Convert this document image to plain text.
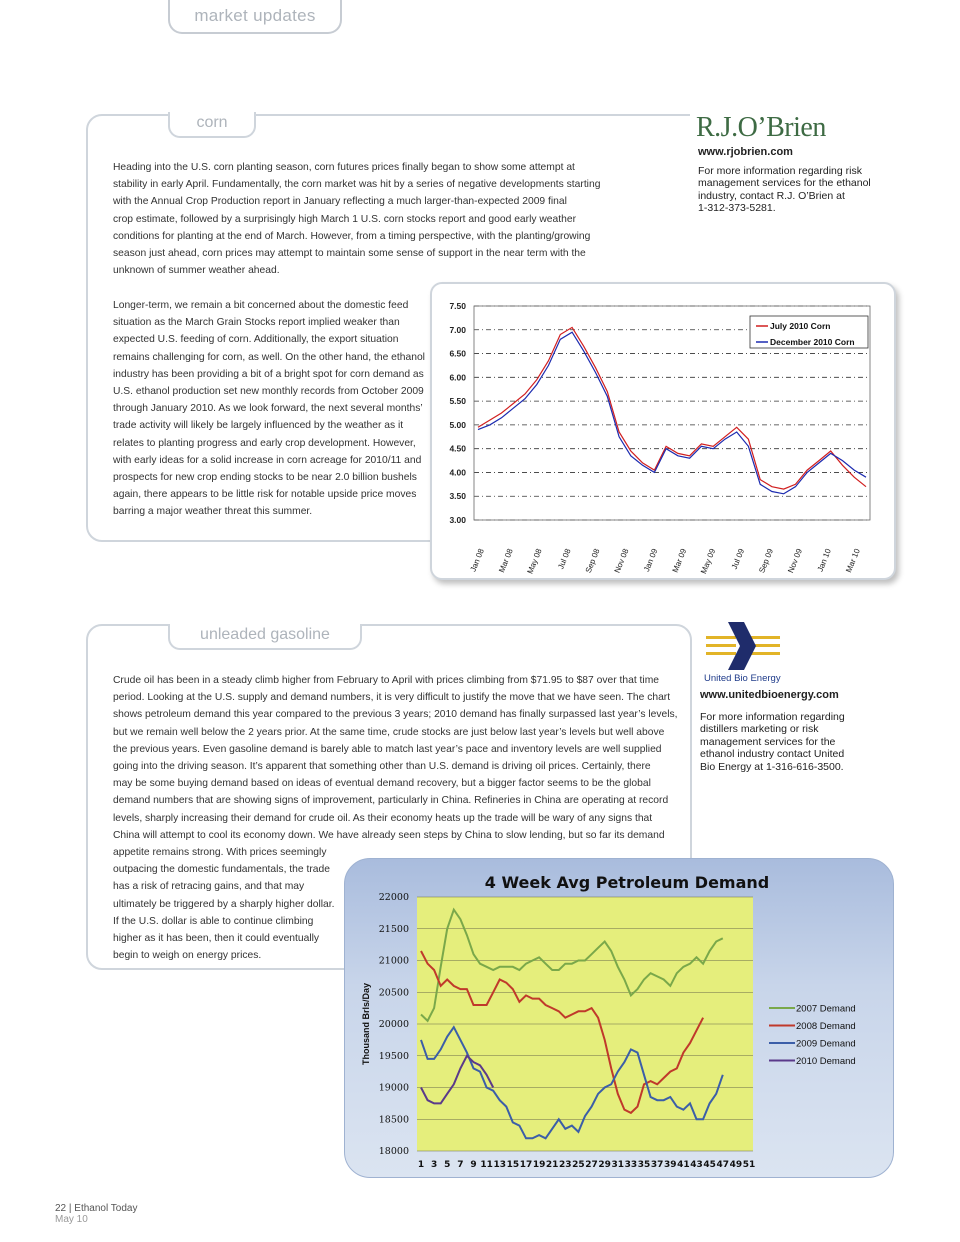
market updates
corn
Heading into the U.S. corn planting season, corn futures prices finally began to show some attempt at
stability in early April. Fundamentally, the corn market was hit by a series of negative developments starting
with the Annual Crop Production report in January reflecting a much larger-than-expected 2009 final
crop estimate, followed by a surprisingly high March 1 U.S. corn stocks report and good early weather
conditions for planting at the end of March. However, from a timing perspective, with the planting/growing
season just ahead, corn prices may attempt to maintain some sense of support in the near term with the
unknown of summer weather ahead.
Longer-term, we remain a bit concerned about the domestic feed
situation as the March Grain Stocks report implied weaker than
expected U.S. feeding of corn. Additionally, the export situation
remains challenging for corn, as well. On the other hand, the ethanol
industry has been providing a bit of a bright spot for corn demand as
U.S. ethanol production set new monthly records from October 2009
through January 2010. As we look forward, the next several months’
trade activity will likely be largely influenced by the weather as it
relates to planting progress and early crop development. However,
with early ideas for a solid increase in corn acreage for 2010/11 and
prospects for new crop ending stocks to be near 2.0 billion bushels
again, there appears to be little risk for notable upside price moves
barring a major weather threat this summer.
R.J.O’Brien
www.rjobrien.com
For more information regarding risk
management services for the ethanol
industry, contact R.J. O’Brien at
1-312-373-5281.
7.50
7.00
6.50
6.00
5.50
5.00
4.50
4.00
3.50
3.00
Jan 08 Mar 08 May 08 Jul 08 Sep 08 Nov 08 Jan 09 Mar 09 May 09 Jul 09 Sep 09 Nov 09 Jan 10 Mar 10
July 2010 Corn
December 2010 Corn
unleaded gasoline
Crude oil has been in a steady climb higher from February to April with prices climbing from $71.95 to $87 over that time
period. Looking at the U.S. supply and demand numbers, it is very difficult to justify the move that we have seen. The chart
shows petroleum demand this year compared to the previous 3 years; 2010 demand has finally surpassed last year’s levels,
but we remain well below the 2 years prior. At the same time, crude stocks are just below last year’s levels but well above
the previous years. Even gasoline demand is barely able to match last year’s pace and inventory levels are well supplied
going into the driving season. It’s apparent that something other than U.S. demand is driving oil prices. Certainly, there
may be some buying demand based on ideas of eventual demand recovery, but a bigger factor seems to be the global
demand numbers that are showing signs of improvement, particularly in China. Refineries in China are operating at record
levels, sharply increasing their demand for crude oil. As their economy heats up the trade will be wary of any signs that
China will attempt to cool its economy down. We have already seen steps by China to slow lending, but so far its demand
appetite remains strong. With prices seemingly
outpacing the domestic fundamentals, the trade
has a risk of retracing gains, and that may
ultimately be triggered by a sharply higher dollar.
If the U.S. dollar is able to continue climbing
higher as it has been, then it could eventually
begin to weigh on energy prices.
United Bio Energy
www.unitedbioenergy.com
For more information regarding
distillers marketing or risk
management services for the
ethanol industry contact United
Bio Energy at 1-316-616-3500.
4 Week Avg Petroleum Demand
22000
21500
21000
20500
20000
19500
19000
18500
18000
Thousand Brls/Day
1 3 5 7 9 11 13 15 17 19 21 23 25 27 29 31 33 35 37 39 41 43 45 47 49 51
2007 Demand
2008 Demand
2009 Demand
2010 Demand
22 | Ethanol Today
May 10
